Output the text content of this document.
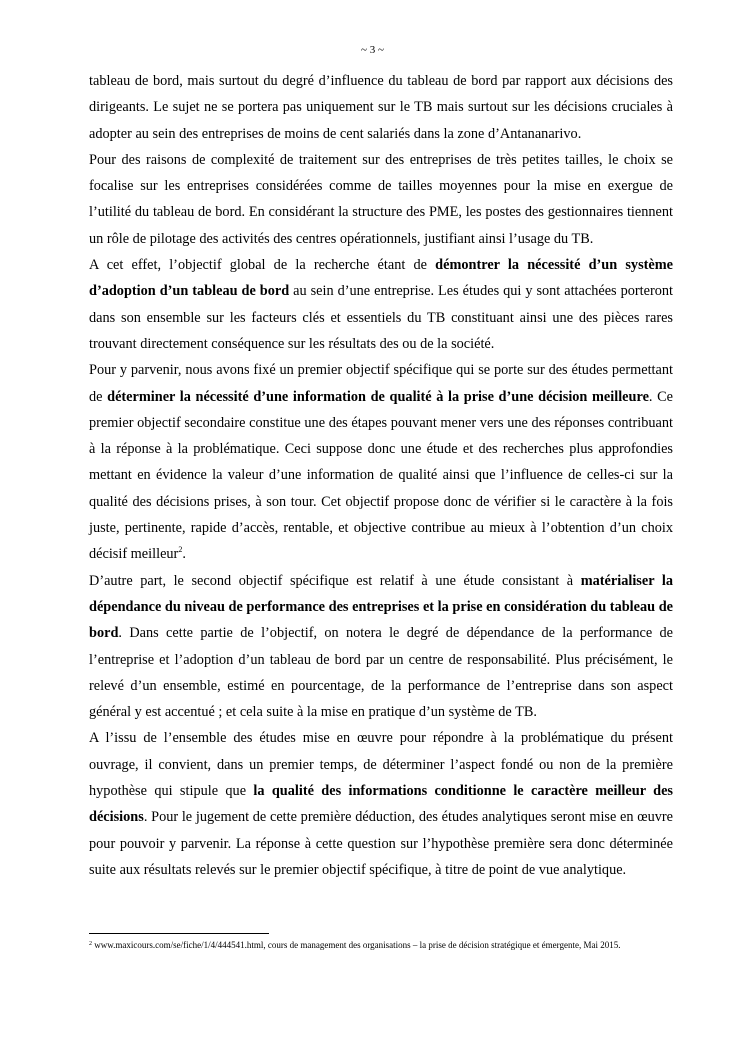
~ 3 ~

tableau de bord, mais surtout du degré d’influence du tableau de bord par rapport aux décisions des dirigeants. Le sujet ne se portera pas uniquement sur le TB mais surtout sur les décisions cruciales à adopter au sein des entreprises de moins de cent salariés dans la zone d’Antananarivo.

Pour des raisons de complexité de traitement sur des entreprises de très petites tailles, le choix se focalise sur les entreprises considérées comme de tailles moyennes pour la mise en exergue de l’utilité du tableau de bord. En considérant la structure des PME, les postes des gestionnaires tiennent un rôle de pilotage des activités des centres opérationnels, justifiant ainsi l’usage du TB.

A cet effet, l’objectif global de la recherche étant de démontrer la nécessité d’un système d’adoption d’un tableau de bord au sein d’une entreprise. Les études qui y sont attachées porteront dans son ensemble sur les facteurs clés et essentiels du TB constituant ainsi une des pièces rares trouvant directement conséquence sur les résultats des ou de la société.

Pour y parvenir, nous avons fixé un premier objectif spécifique qui se porte sur des études permettant de déterminer la nécessité d’une information de qualité à la prise d’une décision meilleure. Ce premier objectif secondaire constitue une des étapes pouvant mener vers une des réponses contribuant à la réponse à la problématique. Ceci suppose donc une étude et des recherches plus approfondies mettant en évidence la valeur d’une information de qualité ainsi que l’influence de celles-ci sur la qualité des décisions prises, à son tour. Cet objectif propose donc de vérifier si le caractère à la fois juste, pertinente, rapide d’accès, rentable, et objective contribue au mieux à l’obtention d’un choix décisif meilleur$^2$.

D’autre part, le second objectif spécifique est relatif à une étude consistant à matérialiser la dépendance du niveau de performance des entreprises et la prise en considération du tableau de bord. Dans cette partie de l’objectif, on notera le degré de dépendance de la performance de l’entreprise et l’adoption d’un tableau de bord par un centre de responsabilité. Plus précisément, le relevé d’un ensemble, estimé en pourcentage, de la performance de l’entreprise dans son aspect général y est accentué ; et cela suite à la mise en pratique d’un système de TB.

A l’issu de l’ensemble des études mise en œuvre pour répondre à la problématique du présent ouvrage, il convient, dans un premier temps, de déterminer l’aspect fondé ou non de la première hypothèse qui stipule que la qualité des informations conditionne le caractère meilleur des décisions. Pour le jugement de cette première déduction, des études analytiques seront mise en œuvre pour pouvoir y parvenir. La réponse à cette question sur l’hypothèse première sera donc déterminée suite aux résultats relevés sur le premier objectif spécifique, à titre de point de vue analytique.

$^2$ www.maxicours.com/se/fiche/1/4/444541.html, cours de management des organisations – la prise de décision stratégique et émergente, Mai 2015.
